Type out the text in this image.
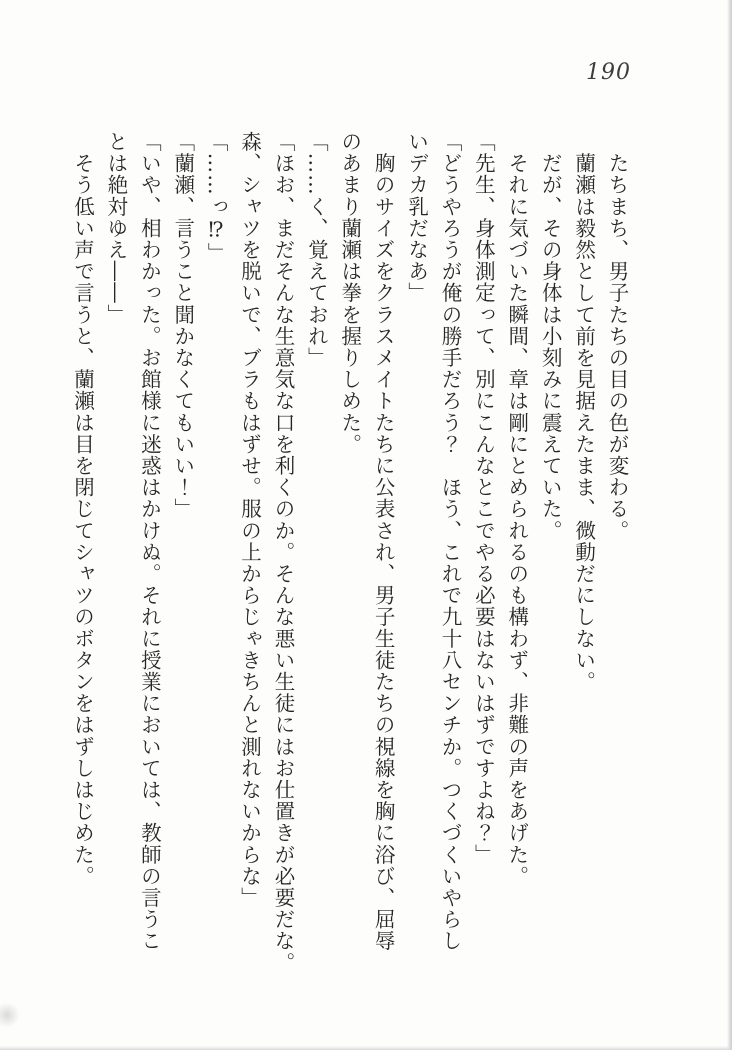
190

　たちまち、男子たちの目の色が変わる。

　蘭瀬は毅然として前を見据えたまま、微動だにしない。

　だが、その身体は小刻みに震えていた。

　それに気づいた瞬間、章は剛にとめられるのも構わず、非難の声をあげた。

「先生、身体測定って、別にこんなとこでやる必要はないはずですよね？」

「どうやろうが俺の勝手だろう？　ほう、これで九十八センチか。つくづくいやらし

いデカ乳だなあ」

　胸のサイズをクラスメイトたちに公表され、男子生徒たちの視線を胸に浴び、屈辱

のあまり蘭瀬は拳を握りしめた。

「……く、覚えておれ」

「ほお、まだそんな生意気な口を利くのか。そんな悪い生徒にはお仕置きが必要だな。

森、シャツを脱いで、ブラもはずせ。服の上からじゃきちんと測れないからな」

「……っ⁉」

「蘭瀬、言うこと聞かなくてもいい！」

「いや、相わかった。お館様に迷惑はかけぬ。それに授業においては、教師の言うこ

とは絶対ゆえ――」

　そう低い声で言うと、蘭瀬は目を閉じてシャツのボタンをはずしはじめた。
